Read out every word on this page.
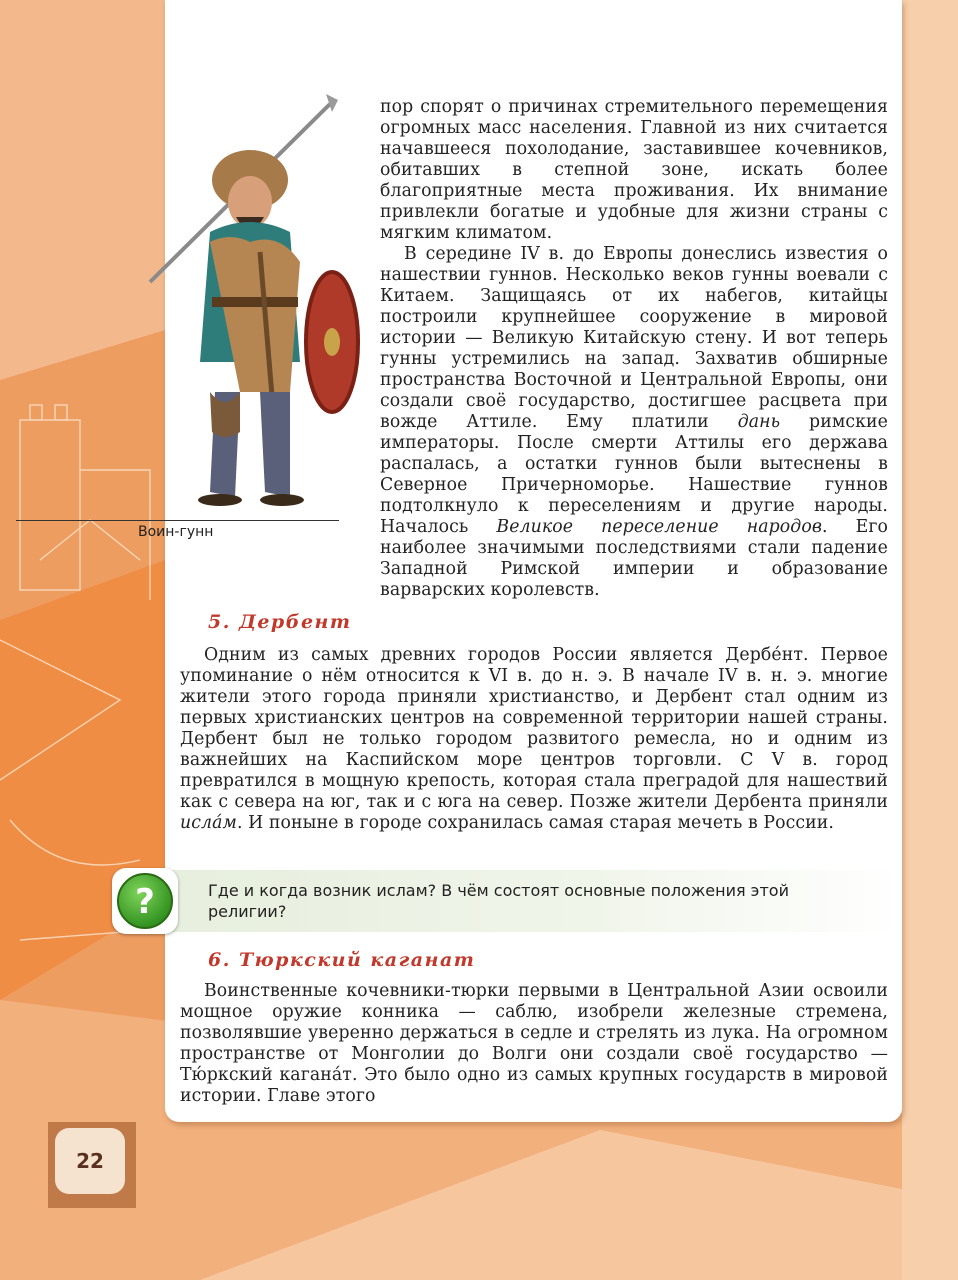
Воин-гунн

пор спорят о причинах стремительного перемещения огромных масс населения. Главной из них считается начавшееся похолодание, заставившее кочевников, обитавших в степной зоне, искать более благоприятные места проживания. Их внимание привлекли богатые и удобные для жизни страны с мягким климатом.

В середине IV в. до Европы донеслись известия о нашествии гуннов. Несколько веков гунны воевали с Китаем. Защищаясь от их набегов, китайцы построили крупнейшее сооружение в мировой истории — Великую Китайскую стену. И вот теперь гунны устремились на запад. Захватив обширные пространства Восточной и Центральной Европы, они создали своё государство, достигшее расцвета при вожде Аттиле. Ему платили дань римские императоры. После смерти Аттилы его держава распалась, а остатки гуннов были вытеснены в Северное Причерноморье. Нашествие гуннов подтолкнуло к переселениям и другие народы. Началось Великое переселение народов. Его наиболее значимыми последствиями стали падение Западной Римской империи и образование варварских королевств.

5. Дербент

Одним из самых древних городов России является Дербе́нт. Первое упоминание о нём относится к VI в. до н. э. В начале IV в. н. э. многие жители этого города приняли христианство, и Дербент стал одним из первых христианских центров на современной территории нашей страны. Дербент был не только городом развитого ремесла, но и одним из важнейших на Каспийском море центров торговли. С V в. город превратился в мощную крепость, которая стала преградой для нашествий как с севера на юг, так и с юга на север. Позже жители Дербента приняли исла́м. И поныне в городе сохранилась самая старая мечеть в России.

?	Где и когда возник ислам? В чём состоят основные положения этой религии?
6. Тюркский каганат

Воинственные кочевники-тюрки первыми в Центральной Азии освоили мощное оружие конника — саблю, изобрели железные стремена, позволявшие уверенно держаться в седле и стрелять из лука. На огромном пространстве от Монголии до Волги они создали своё государство — Тю́ркский кагана́т. Это было одно из самых крупных государств в мировой истории. Главе этого

22
